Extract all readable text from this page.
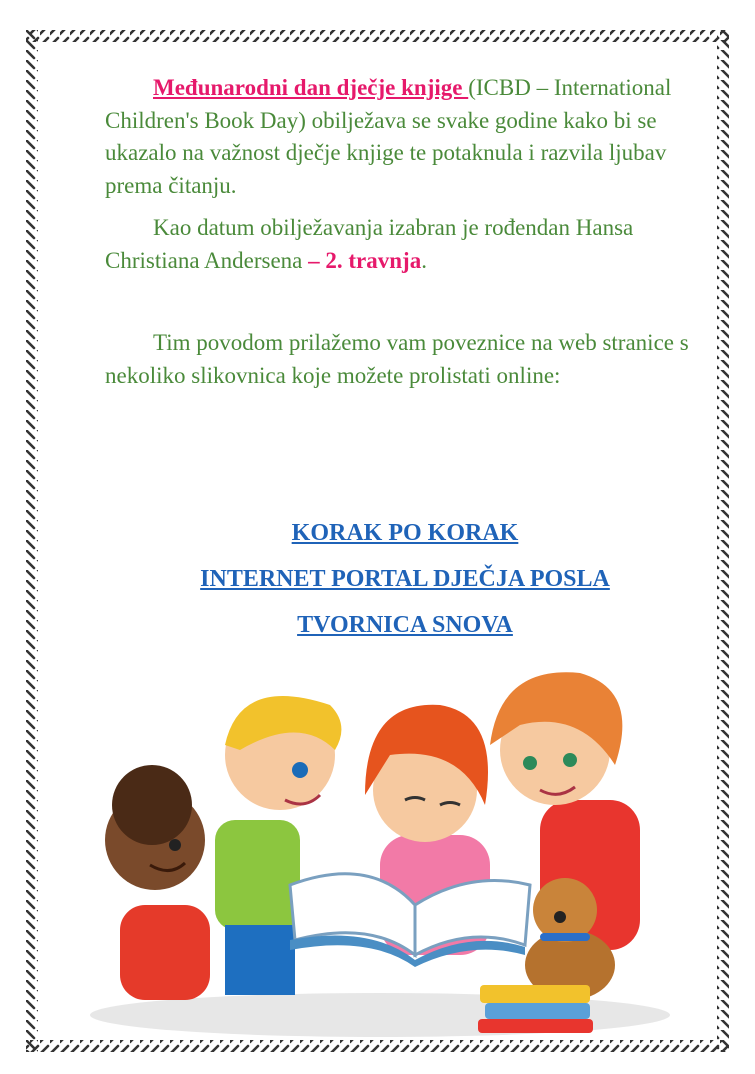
Međunarodni dan dječje knjige (ICBD – International Children's Book Day) obilježava se svake godine kako bi se ukazalo na važnost dječje knjige te potaknula i razvila ljubav prema čitanju.

Kao datum obilježavanja izabran je rođendan Hansa Christiana Andersena – 2. travnja.

Tim povodom prilažemo vam poveznice na web stranice s nekoliko slikovnica koje možete prolistati online:

KORAK PO KORAK
INTERNET PORTAL DJEČJA POSLA
TVORNICA SNOVA
